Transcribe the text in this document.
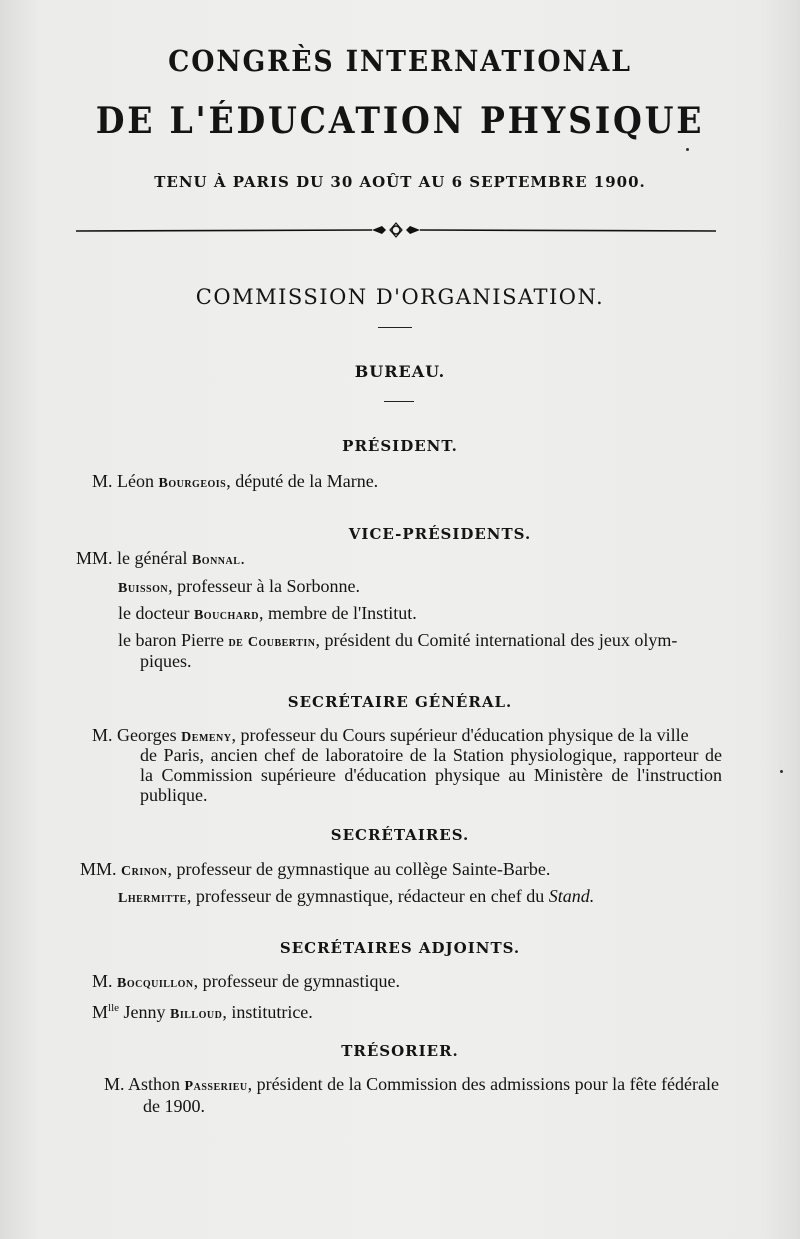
CONGRÈS INTERNATIONAL
DE L'ÉDUCATION PHYSIQUE
TENU À PARIS DU 30 AOÛT AU 6 SEPTEMBRE 1900.
COMMISSION D'ORGANISATION.
BUREAU.
PRÉSIDENT.
M. Léon Bourgeois, député de la Marne.
VICE-PRÉSIDENTS.
MM. le général Bonnal.
Buisson, professeur à la Sorbonne.
le docteur Bouchard, membre de l'Institut.
le baron Pierre de Coubertin, président du Comité international des jeux olym-
piques.
SECRÉTAIRE GÉNÉRAL.
M. Georges Demeny, professeur du Cours supérieur d'éducation physique de la ville
de Paris, ancien chef de laboratoire de la Station physiologique, rapporteur de
la Commission supérieure d'éducation physique au Ministère de l'instruction
publique.
SECRÉTAIRES.
MM. Crinon, professeur de gymnastique au collège Sainte-Barbe.
Lhermitte, professeur de gymnastique, rédacteur en chef du Stand.
SECRÉTAIRES ADJOINTS.
M. Bocquillon, professeur de gymnastique.
$M^{lle}$ Jenny Billoud, institutrice.
TRÉSORIER.
M. Asthon Passerieu, président de la Commission des admissions pour la fête fédérale
de 1900.
